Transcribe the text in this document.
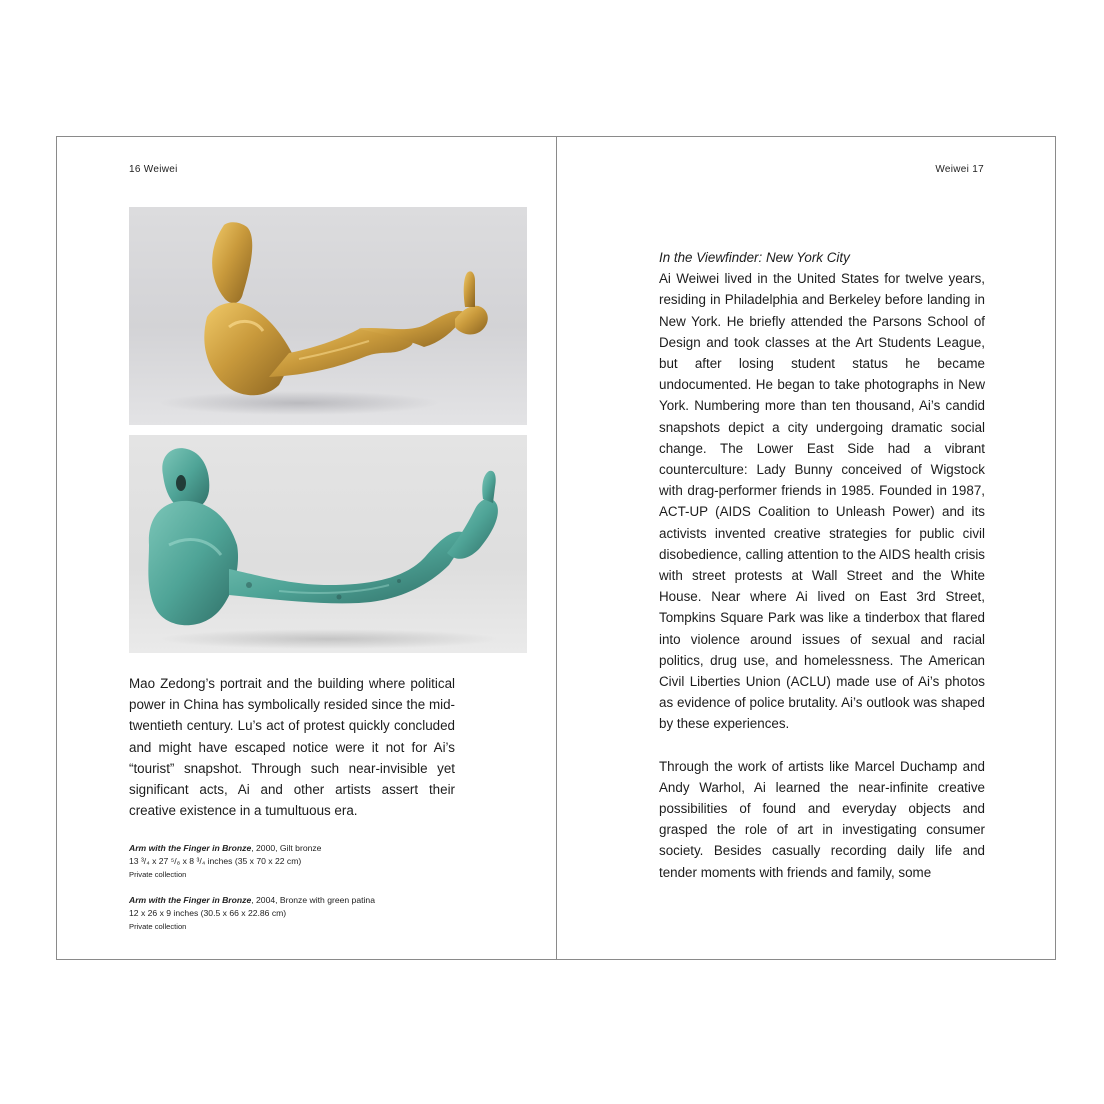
16 Weiwei

Mao Zedong’s portrait and the building where political power in China has symbolically resided since the mid-twentieth century. Lu’s act of protest quickly concluded and might have escaped notice were it not for Ai’s “tourist” snapshot. Through such near-invisible yet significant acts, Ai and other artists assert their creative existence in a tumultuous era.

Arm with the Finger in Bronze, 2000, Gilt bronze
13 ³/₄ x 27 ⁵/₈ x 8 ³/₄ inches (35 x 70 x 22 cm)
Private collection
Arm with the Finger in Bronze, 2004, Bronze with green patina
12 x 26 x 9 inches (30.5 x 66 x 22.86 cm)
Private collection
Weiwei 17

In the Viewfinder: New York City

Ai Weiwei lived in the United States for twelve years, residing in Philadelphia and Berkeley before landing in New York. He briefly attended the Parsons School of Design and took classes at the Art Students League, but after losing student status he became undocumented. He began to take photographs in New York. Numbering more than ten thousand, Ai’s candid snapshots depict a city undergoing dramatic social change. The Lower East Side had a vibrant counterculture: Lady Bunny conceived of Wigstock with drag-performer friends in 1985. Founded in 1987, ACT-UP (AIDS Coalition to Unleash Power) and its activists invented creative strategies for public civil disobedience, calling attention to the AIDS health crisis with street protests at Wall Street and the White House. Near where Ai lived on East 3rd Street, Tompkins Square Park was like a tinderbox that flared into violence around issues of sexual and racial politics, drug use, and homelessness. The American Civil Liberties Union (ACLU) made use of Ai’s photos as evidence of police brutality. Ai’s outlook was shaped by these experiences.

Through the work of artists like Marcel Duchamp and Andy Warhol, Ai learned the near-infinite creative possibilities of found and everyday objects and grasped the role of art in investigating consumer society. Besides casually recording daily life and tender moments with friends and family, some
